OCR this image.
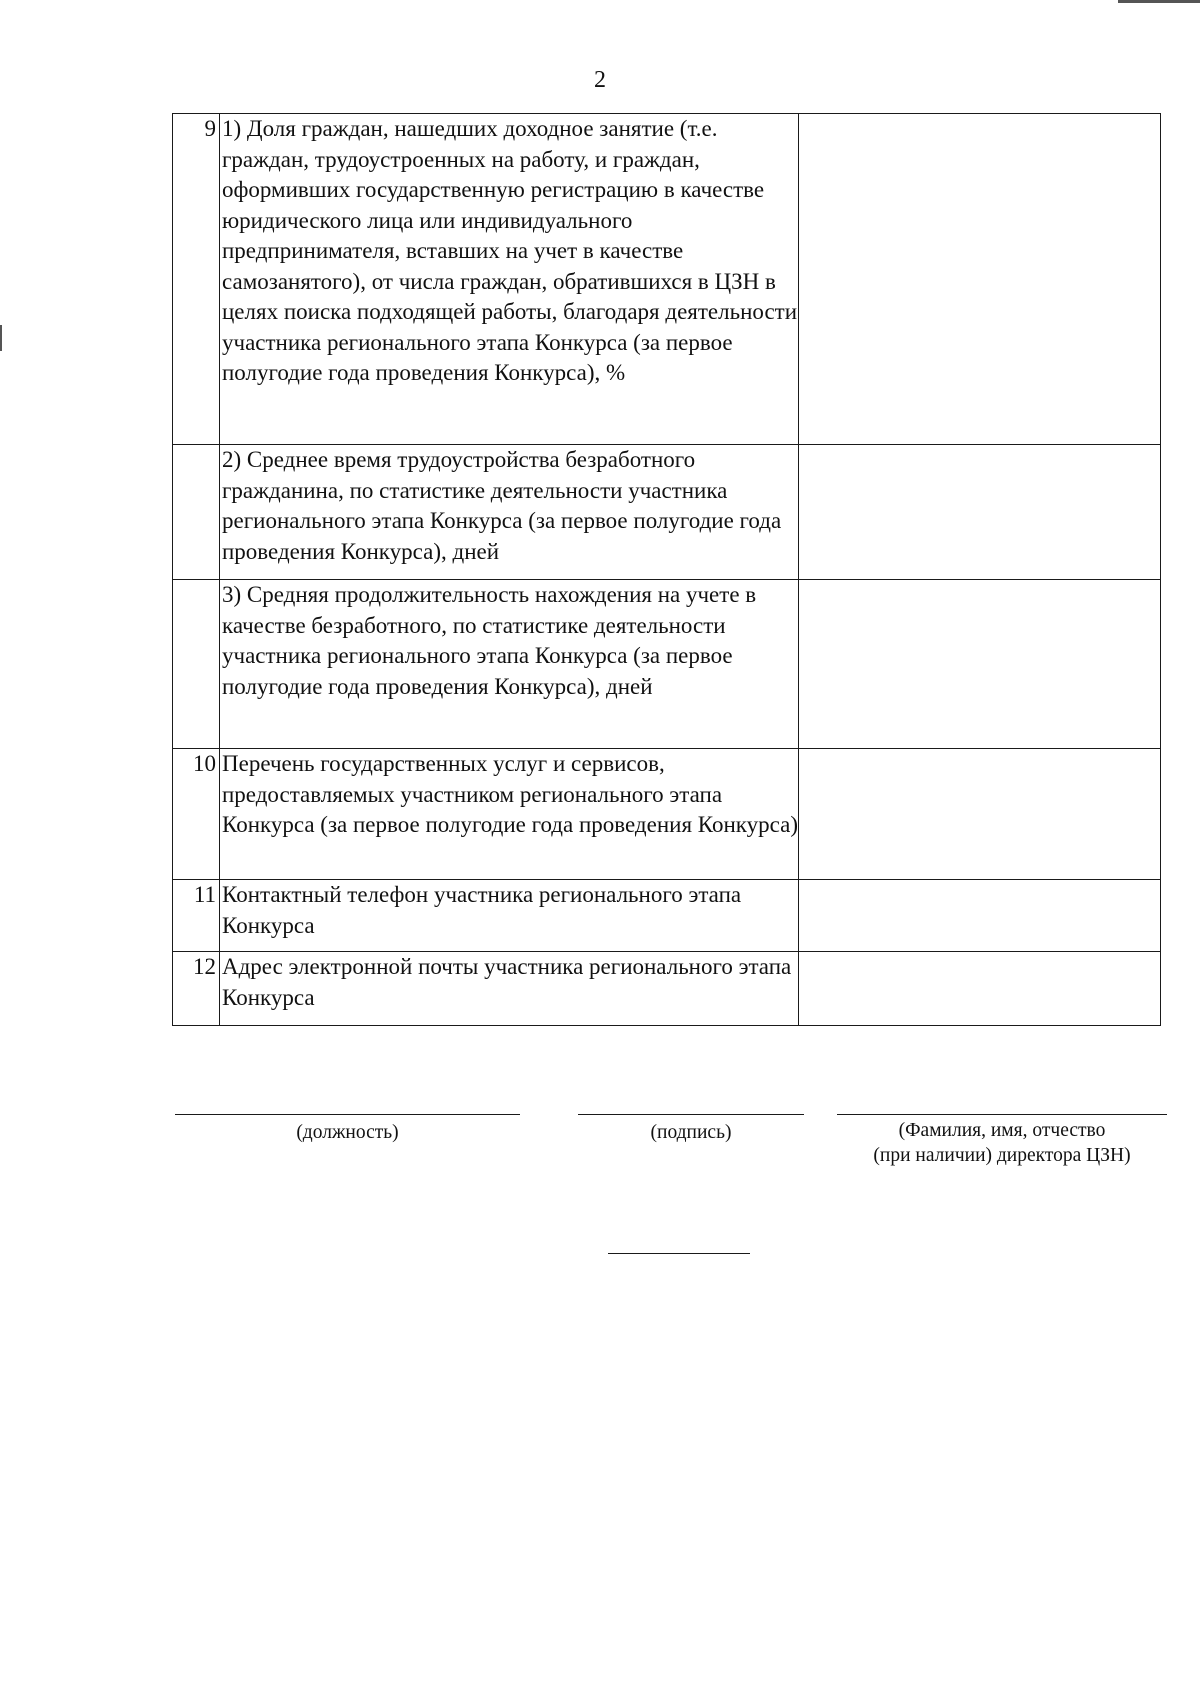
2
9	1) Доля граждан, нашедших доходное занятие (т.е. граждан, трудоустроенных на работу, и граждан, оформивших государственную регистрацию в качестве юридического лица или индивидуального предпринимателя, вставших на учет в качестве самозанятого), от числа граждан, обратившихся в ЦЗН в целях поиска подходящей работы, благодаря деятельности участника регионального этапа Конкурса (за первое полугодие года проведения Конкурса), %	
	2) Среднее время трудоустройства безработного гражданина, по статистике деятельности участника регионального этапа Конкурса (за первое полугодие года проведения Конкурса), дней	
	3) Средняя продолжительность нахождения на учете в качестве безработного, по статистике деятельности участника регионального этапа Конкурса (за первое полугодие года проведения Конкурса), дней	
10	Перечень государственных услуг и сервисов, предоставляемых участником регионального этапа Конкурса (за первое полугодие года проведения Конкурса)	
11	Контактный телефон участника регионального этапа Конкурса	
12	Адрес электронной почты участника регионального этапа Конкурса	
(должность)	(подпись)	(Фамилия, имя, отчество
(при наличии) директора ЦЗН)
